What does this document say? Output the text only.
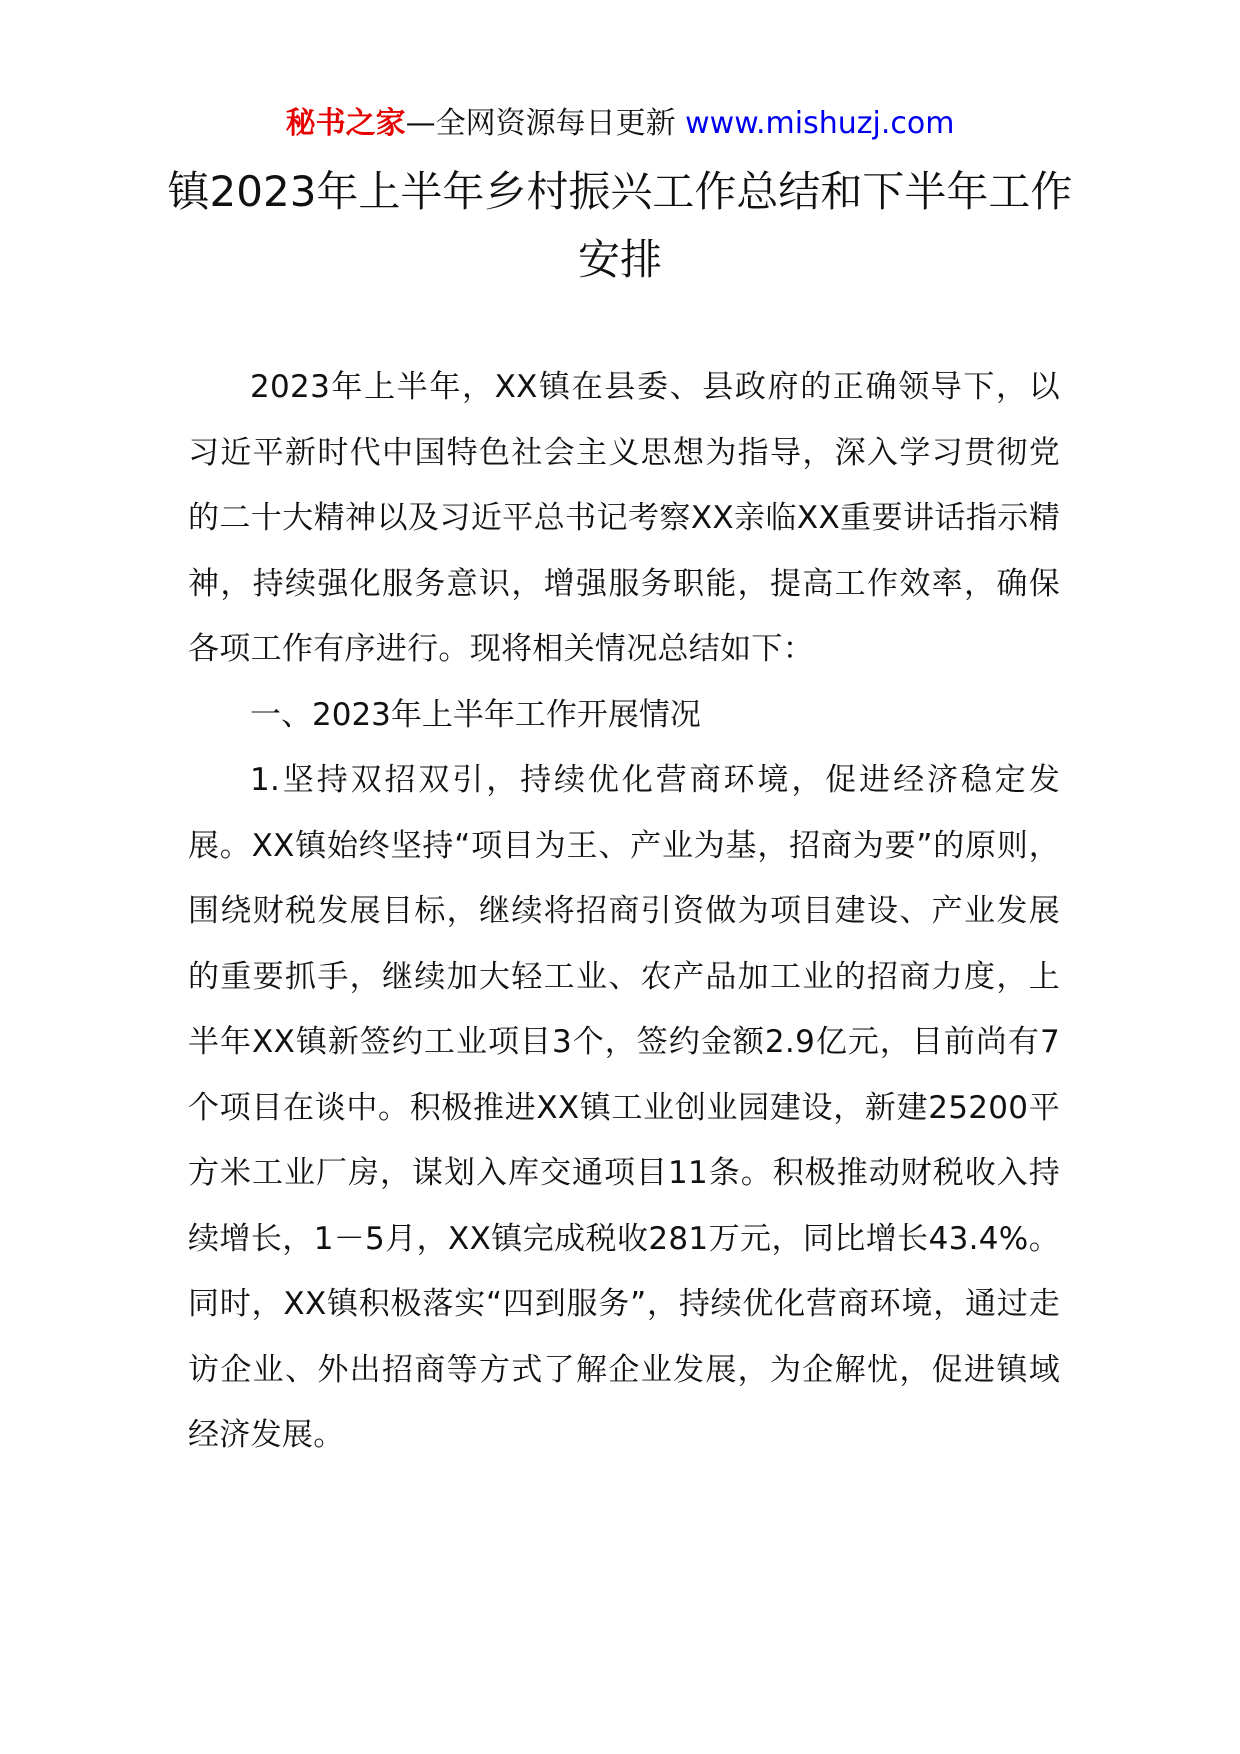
秘书之家—全网资源每日更新 www.mishuzj.com
镇2023年上半年乡村振兴工作总结和下半年工作安排

2023年上半年，XX镇在县委、县政府的正确领导下，以习近平新时代中国特色社会主义思想为指导，深入学习贯彻党的二十大精神以及习近平总书记考察XX亲临XX重要讲话指示精神，持续强化服务意识，增强服务职能，提高工作效率，确保各项工作有序进行。现将相关情况总结如下：

一、2023年上半年工作开展情况

1.坚持双招双引，持续优化营商环境，促进经济稳定发展。XX镇始终坚持“项目为王、产业为基，招商为要”的原则，围绕财税发展目标，继续将招商引资做为项目建设、产业发展的重要抓手，继续加大轻工业、农产品加工业的招商力度，上半年XX镇新签约工业项目3个，签约金额2.9亿元，目前尚有7个项目在谈中。积极推进XX镇工业创业园建设，新建25200平方米工业厂房，谋划入库交通项目11条。积极推动财税收入持续增长，1－5月，XX镇完成税收281万元，同比增长43.4%。同时，XX镇积极落实“四到服务”，持续优化营商环境，通过走访企业、外出招商等方式了解企业发展，为企解忧，促进镇域经济发展。
